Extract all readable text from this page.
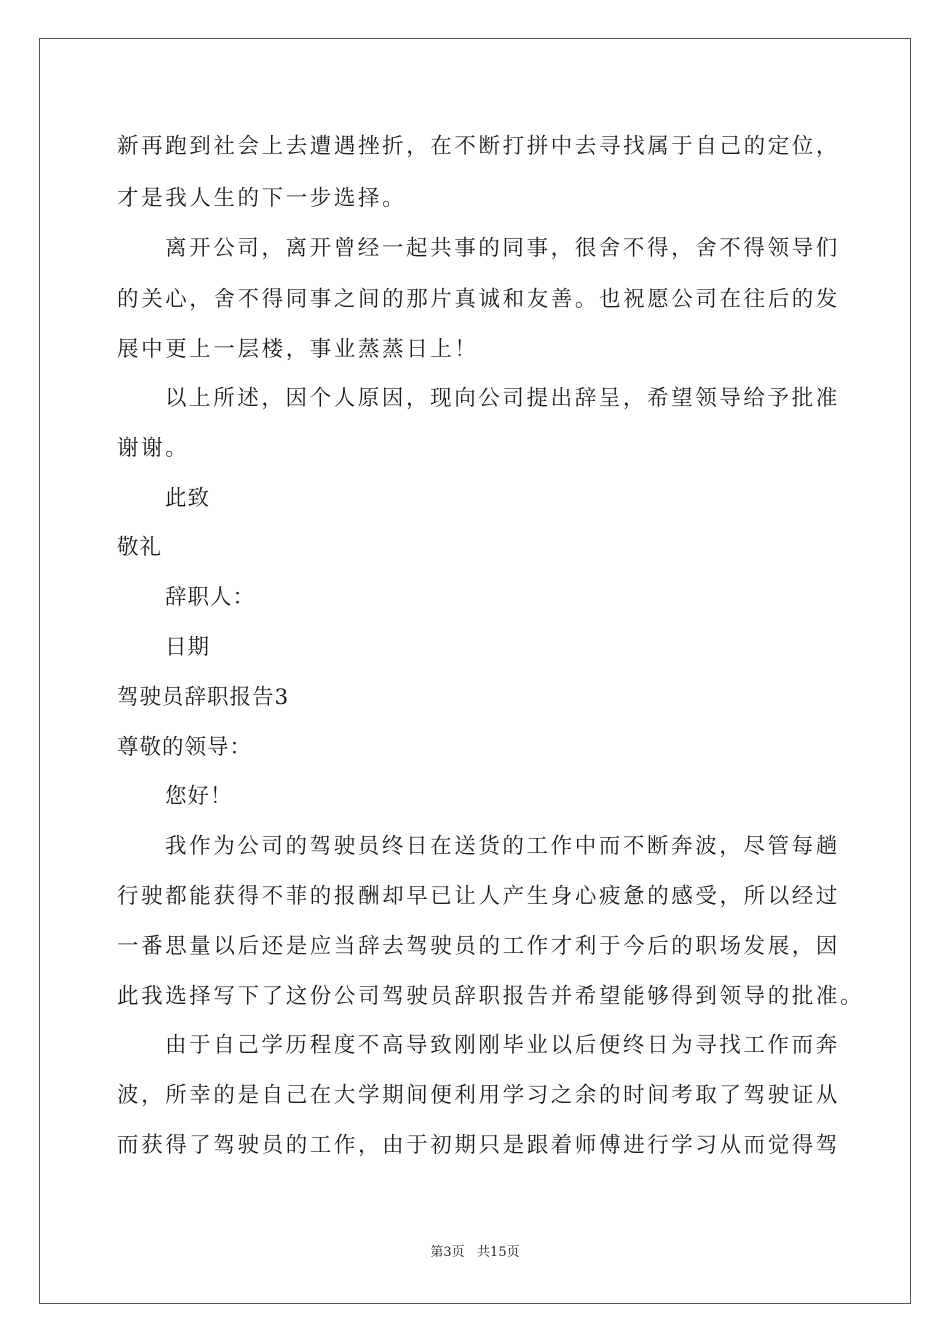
新再跑到社会上去遭遇挫折，在不断打拼中去寻找属于自己的定位，
才是我人生的下一步选择。
离开公司，离开曾经一起共事的同事，很舍不得，舍不得领导们
的关心，舍不得同事之间的那片真诚和友善。也祝愿公司在往后的发
展中更上一层楼，事业蒸蒸日上！
以上所述，因个人原因，现向公司提出辞呈，希望领导给予批准
谢谢。
此致
敬礼
辞职人：
日期
驾驶员辞职报告3
尊敬的领导：
您好！
我作为公司的驾驶员终日在送货的工作中而不断奔波，尽管每趟
行驶都能获得不菲的报酬却早已让人产生身心疲惫的感受，所以经过
一番思量以后还是应当辞去驾驶员的工作才利于今后的职场发展，因
此我选择写下了这份公司驾驶员辞职报告并希望能够得到领导的批准。
由于自己学历程度不高导致刚刚毕业以后便终日为寻找工作而奔
波，所幸的是自己在大学期间便利用学习之余的时间考取了驾驶证从
而获得了驾驶员的工作，由于初期只是跟着师傅进行学习从而觉得驾
第3页   共15页
